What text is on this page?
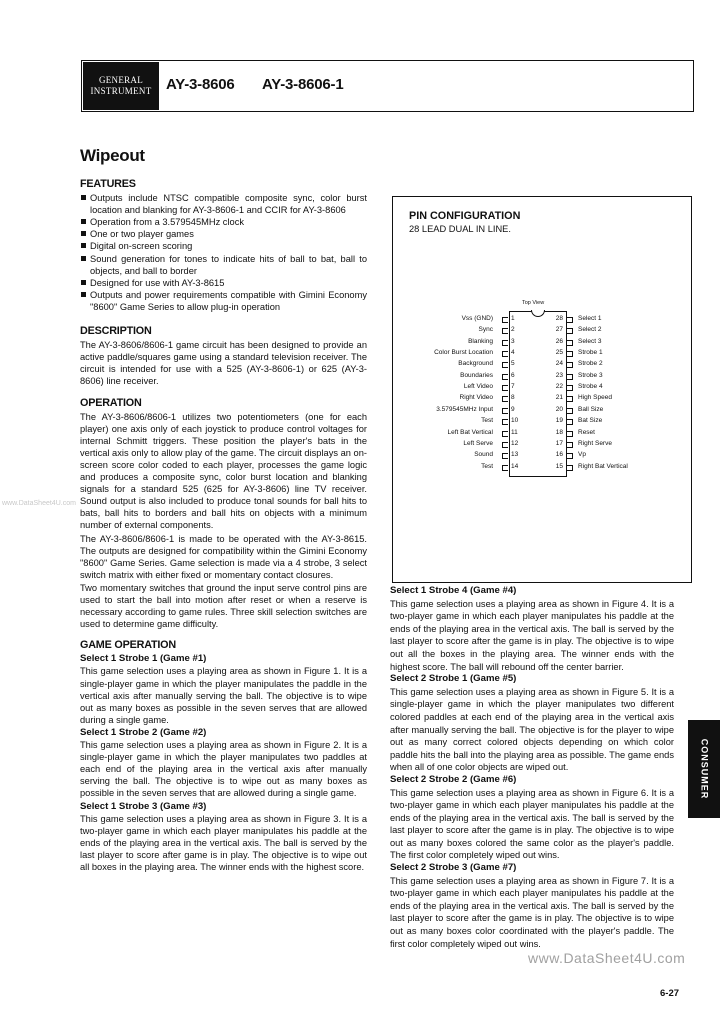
GENERAL
INSTRUMENT AY-3-8606 AY-3-8606-1
Wipeout
FEATURES
Outputs include NTSC compatible composite sync, color burst location and blanking for AY-3-8606-1 and CCIR for AY-3-8606
Operation from a 3.579545MHz clock
One or two player games
Digital on-screen scoring
Sound generation for tones to indicate hits of ball to bat, ball to objects, and ball to border
Designed for use with AY-3-8615
Outputs and power requirements compatible with Gimini Economy "8600" Game Series to allow plug-in operation
DESCRIPTION

The AY-3-8606/8606-1 game circuit has been designed to provide an active paddle/squares game using a standard television receiver. The circuit is intended for use with a 525 (AY-3-8606-1) or 625 (AY-3-8606) line receiver.

OPERATION

The AY-3-8606/8606-1 utilizes two potentiometers (one for each player) one axis only of each joystick to produce control voltages for internal Schmitt triggers. These position the player's bats in the vertical axis only to allow play of the game. The circuit displays an on-screen score color coded to each player, processes the game logic and produces a composite sync, color burst location and blanking signals for a standard 525 (625 for AY-3-8606) line TV receiver. Sound output is also included to produce tonal sounds for ball hits to bats, ball hits to borders and ball hits on objects with a minimum number of external components.

The AY-3-8606/8606-1 is made to be operated with the AY-3-8615. The outputs are designed for compatibility within the Gimini Economy "8600" Game Series. Game selection is made via a 4 strobe, 3 select switch matrix with either fixed or momentary contact closures.

Two momentary switches that ground the input serve control pins are used to start the ball into motion after reset or when a reserve is necessary according to game rules. Three skill selection switches are used to determine game difficulty.

GAME OPERATION
Select 1 Strobe 1 (Game #1)

This game selection uses a playing area as shown in Figure 1. It is a single-player game in which the player manipulates the paddle in the vertical axis after manually serving the ball. The objective is to wipe out as many boxes as possible in the seven serves that are allowed during a single game.

Select 1 Strobe 2 (Game #2)

This game selection uses a playing area as shown in Figure 2. It is a single-player game in which the player manipulates two paddles at each end of the playing area in the vertical axis after manually serving the ball. The objective is to wipe out as many boxes as possible in the seven serves that are allowed during a single game.

Select 1 Strobe 3 (Game #3)

This game selection uses a playing area as shown in Figure 3. It is a two-player game in which each player manipulates his paddle at the ends of the playing area in the vertical axis. The ball is served by the last player to score after game is in play. The objective is to wipe out all boxes in the playing area. The winner ends with the highest score.

PIN CONFIGURATION
28 LEAD DUAL IN LINE.
Top View
Vss (GND)	1	28 Select 1
Sync	2	27 Select 2
Blanking	3	26 Select 3
Color Burst Location	4	25 Strobe 1
Background	5	24 Strobe 2
Boundaries	6	23 Strobe 3
Left Video	7	22 Strobe 4
Right Video	8	21 High Speed
3.579545MHz Input	9	20 Ball Size
Test	10	19 Bat Size
Left Bat Vertical	11	18 Reset
Left Serve	12	17 Right Serve
Sound	13	16 Vp
Test	14	15 Right Bat Vertical
Select 1 Strobe 4 (Game #4)

This game selection uses a playing area as shown in Figure 4. It is a two-player game in which each player manipulates his paddle at the ends of the playing area in the vertical axis. The ball is served by the last player to score after the game is in play. The objective is to wipe out all the boxes in the playing area. The winner ends with the highest score. The ball will rebound off the center barrier.

Select 2 Strobe 1 (Game #5)

This game selection uses a playing area as shown in Figure 5. It is a single-player game in which the player manipulates two different colored paddles at each end of the playing area in the vertical axis after manually serving the ball. The objective is for the player to wipe out as many correct colored objects depending on which color paddle hits the ball into the playing area as possible. The game ends when all of one color objects are wiped out.

Select 2 Strobe 2 (Game #6)

This game selection uses a playing area as shown in Figure 6. It is a two-player game in which each player manipulates his paddle at the ends of the playing area in the vertical axis. The ball is served by the last player to score after the game is in play. The objective is to wipe out as many boxes colored the same color as the player's paddle. The first color completely wiped out wins.

Select 2 Strobe 3 (Game #7)

This game selection uses a playing area as shown in Figure 7. It is a two-player game in which each player manipulates his paddle at the ends of the playing area in the vertical axis. The ball is served by the last player to score after the game is in play. The objective is to wipe out as many boxes color coordinated with the player's paddle. The first color completely wiped out wins.

CONSUMER
6-27
www.DataSheet4U.com
www.DataSheet4U.com
